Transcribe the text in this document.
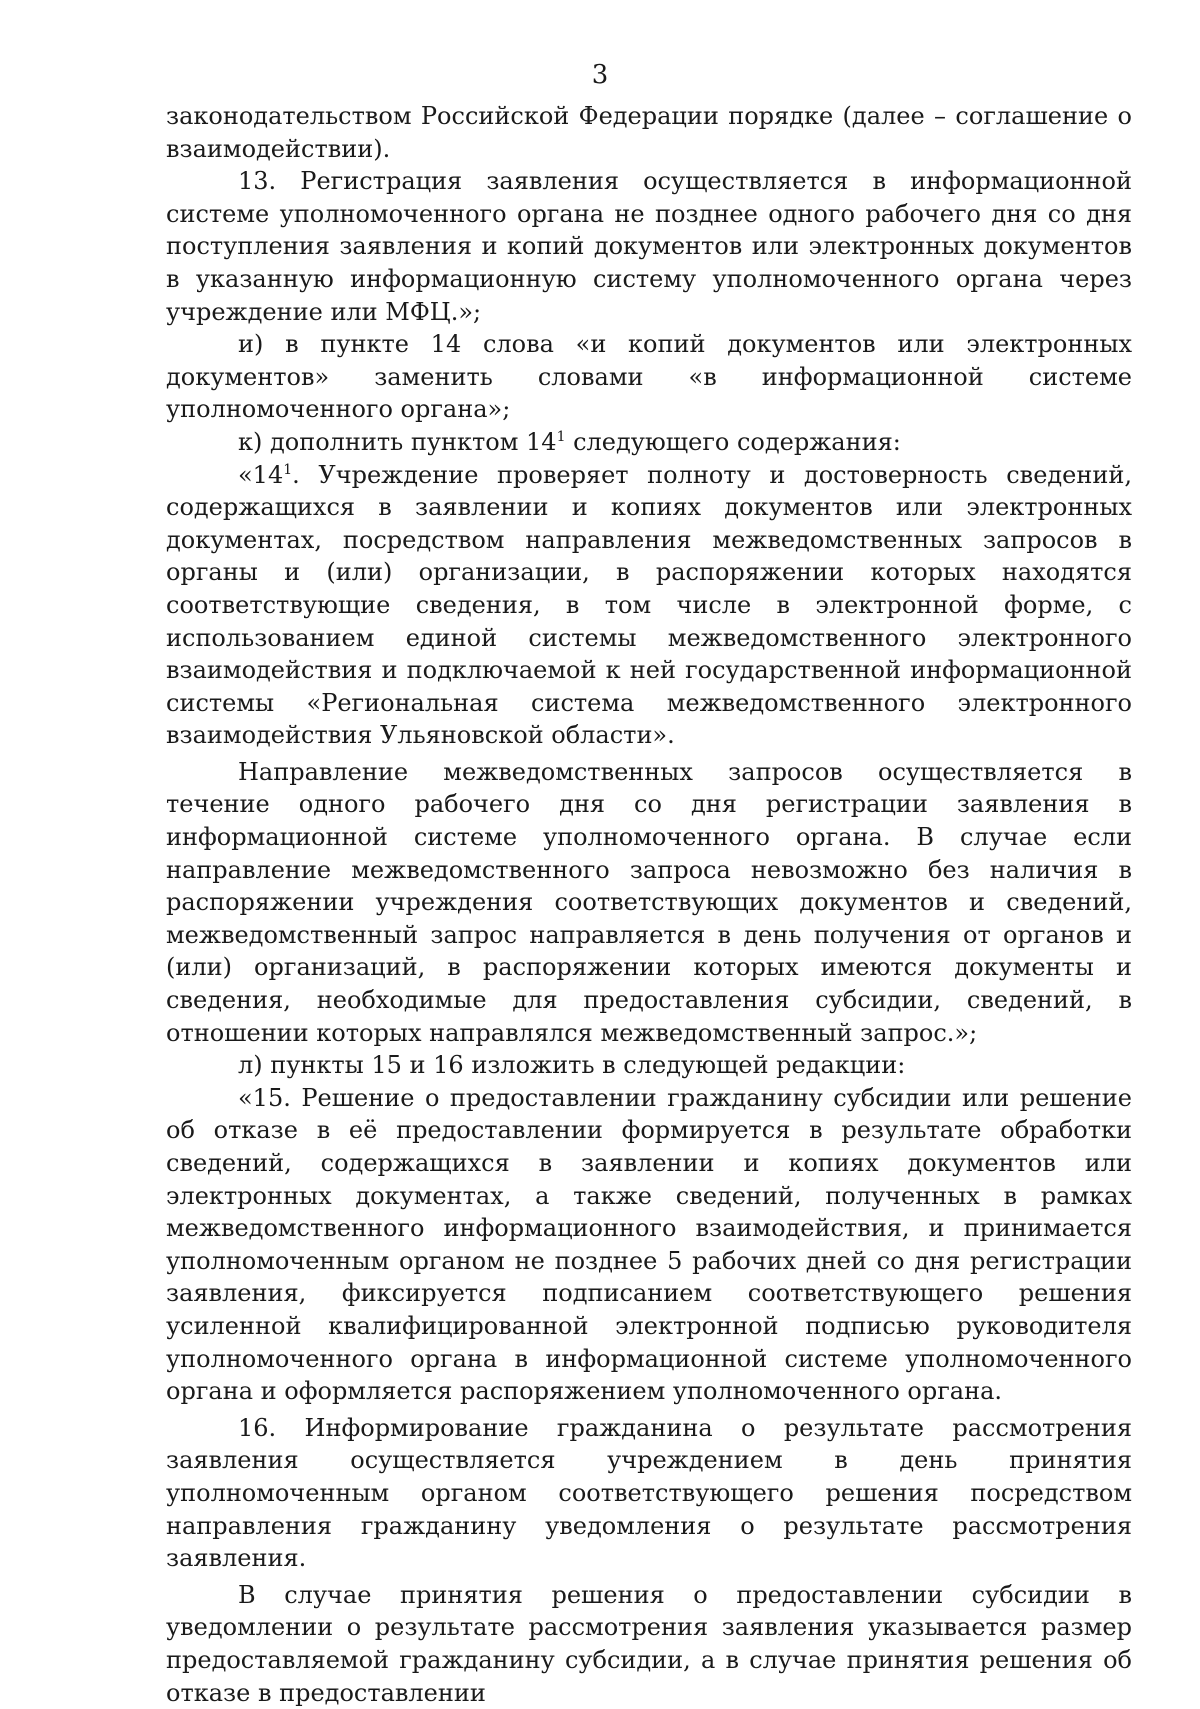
3

законодательством Российской Федерации порядке (далее – соглашение о взаимодействии).

13. Регистрация заявления осуществляется в информационной системе уполномоченного органа не позднее одного рабочего дня со дня поступления заявления и копий документов или электронных документов в указанную информационную систему уполномоченного органа через учреждение или МФЦ.»;

и) в пункте 14 слова «и копий документов или электронных документов» заменить словами «в информационной системе уполномоченного органа»;

к) дополнить пунктом $14^1$ следующего содержания:

«$14^1$. Учреждение проверяет полноту и достоверность сведений, содержащихся в заявлении и копиях документов или электронных документах, посредством направления межведомственных запросов в органы и (или) организации, в распоряжении которых находятся соответствующие сведения, в том числе в электронной форме, с использованием единой системы межведомственного электронного взаимодействия и подключаемой к ней государственной информационной системы «Региональная система межведомственного электронного взаимодействия Ульяновской области».

Направление межведомственных запросов осуществляется в течение одного рабочего дня со дня регистрации заявления в информационной системе уполномоченного органа. В случае если направление межведомственного запроса невозможно без наличия в распоряжении учреждения соответствующих документов и сведений, межведомственный запрос направляется в день получения от органов и (или) организаций, в распоряжении которых имеются документы и сведения, необходимые для предоставления субсидии, сведений, в отношении которых направлялся межведомственный запрос.»;

л) пункты 15 и 16 изложить в следующей редакции:

«15. Решение о предоставлении гражданину субсидии или решение об отказе в её предоставлении формируется в результате обработки сведений, содержащихся в заявлении и копиях документов или электронных документах, а также сведений, полученных в рамках межведомственного информационного взаимодействия, и принимается уполномоченным органом не позднее 5 рабочих дней со дня регистрации заявления, фиксируется подписанием соответствующего решения усиленной квалифицированной электронной подписью руководителя уполномоченного органа в информационной системе уполномоченного органа и оформляется распоряжением уполномоченного органа.

16. Информирование гражданина о результате рассмотрения заявления осуществляется учреждением в день принятия уполномоченным органом соответствующего решения посредством направления гражданину уведомления о результате рассмотрения заявления.

В случае принятия решения о предоставлении субсидии в уведомлении о результате рассмотрения заявления указывается размер предоставляемой гражданину субсидии, а в случае принятия решения об отказе в предоставлении
